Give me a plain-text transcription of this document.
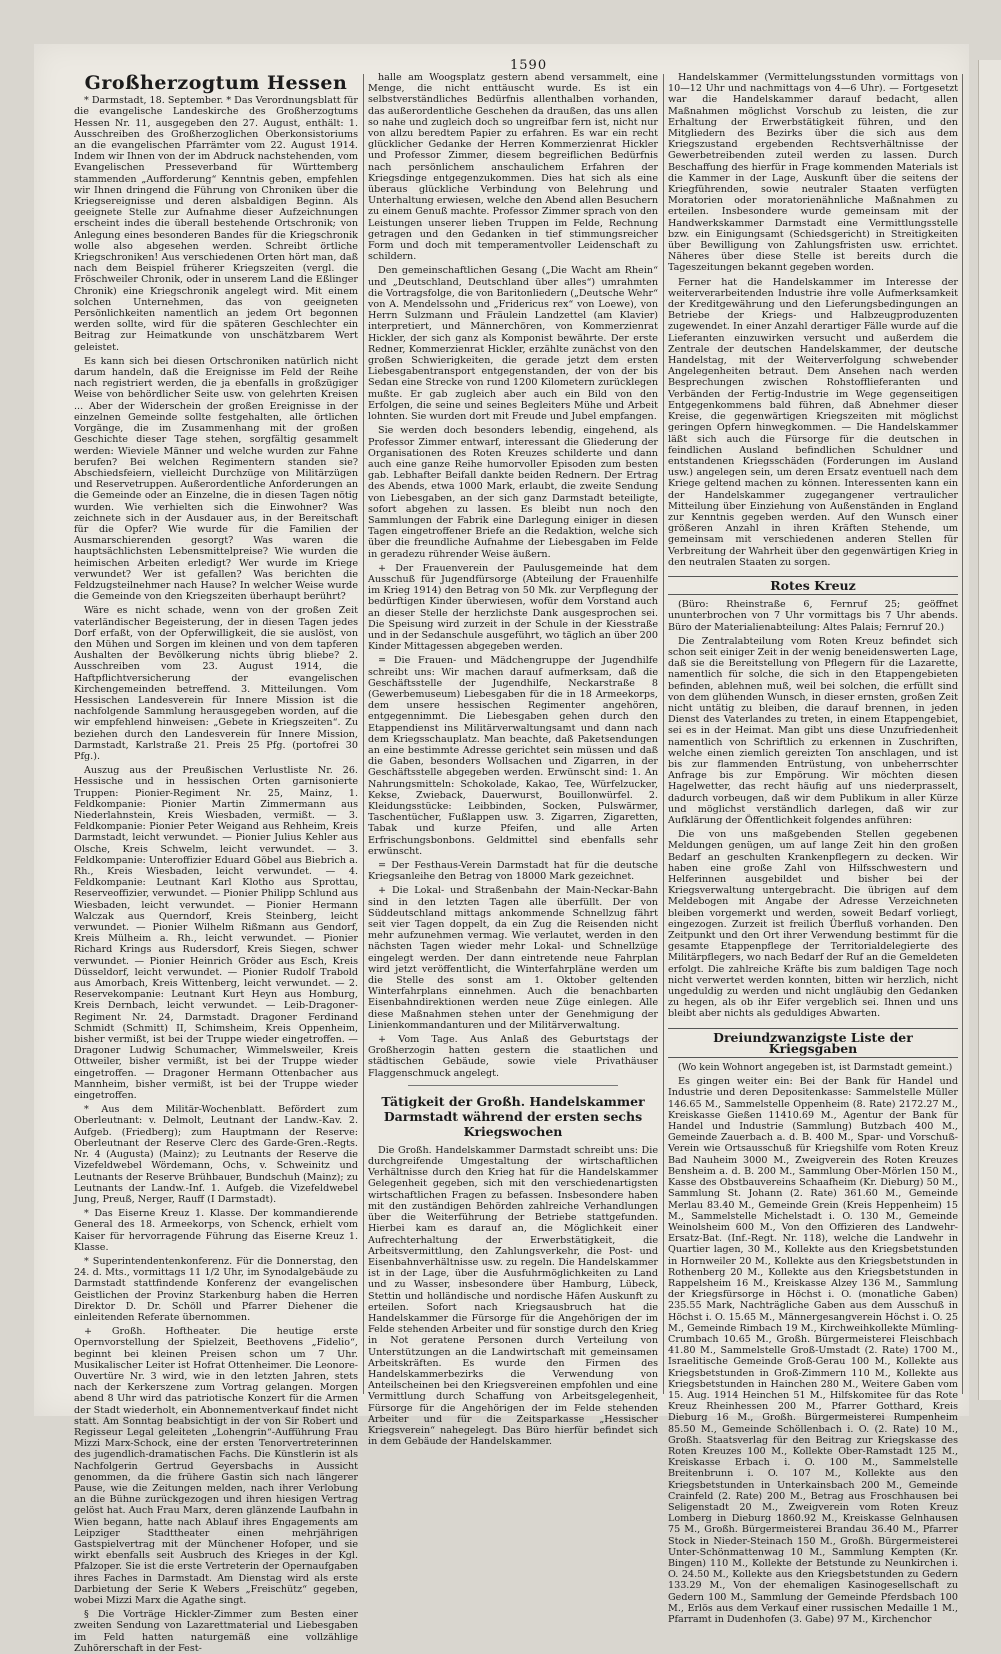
1590
Großherzogtum Hessen

* Darmstadt, 18. September. * Das Verordnungsblatt für die evangelische Landeskirche des Großherzogtums Hessen Nr. 11, ausgegeben den 27. August, enthält: 1. Ausschreiben des Großherzoglichen Oberkonsistoriums an die evangelischen Pfarrämter vom 22. August 1914. Indem wir Ihnen von der im Abdruck nachstehenden, vom Evangelischen Presseverband für Württemberg stammenden „Aufforderung“ Kenntnis geben, empfehlen wir Ihnen dringend die Führung von Chroniken über die Kriegsereignisse und deren alsbaldigen Beginn. Als geeignete Stelle zur Aufnahme dieser Aufzeichnungen erscheint indes die überall bestehende Ortschronik; von Anlegung eines besonderen Bandes für die Kriegschronik wolle also abgesehen werden. Schreibt örtliche Kriegschroniken! Aus verschiedenen Orten hört man, daß nach dem Beispiel früherer Kriegszeiten (vergl. die Fröschweiler Chronik, oder in unserem Land die Eßlinger Chronik) eine Kriegschronik angelegt wird. Mit einem solchen Unternehmen, das von geeigneten Persönlichkeiten namentlich an jedem Ort begonnen werden sollte, wird für die späteren Geschlechter ein Beitrag zur Heimatkunde von unschätzbarem Wert geleistet.

Es kann sich bei diesen Ortschroniken natürlich nicht darum handeln, daß die Ereignisse im Feld der Reihe nach registriert werden, die ja ebenfalls in großzügiger Weise von behördlicher Seite usw. von gelehrten Kreisen ... Aber der Widerschein der großen Ereignisse in der einzelnen Gemeinde sollte festgehalten, alle örtlichen Vorgänge, die im Zusammenhang mit der großen Geschichte dieser Tage stehen, sorgfältig gesammelt werden: Wieviele Männer und welche wurden zur Fahne berufen? Bei welchen Regimentern standen sie? Abschiedsfeiern, vielleicht Durchzüge von Militärzügen und Reservetruppen. Außerordentliche Anforderungen an die Gemeinde oder an Einzelne, die in diesen Tagen nötig wurden. Wie verhielten sich die Einwohner? Was zeichnete sich in der Ausdauer aus, in der Bereitschaft für die Opfer? Wie wurde für die Familien der Ausmarschierenden gesorgt? Was waren die hauptsächlichsten Lebensmittelpreise? Wie wurden die heimischen Arbeiten erledigt? Wer wurde im Kriege verwundet? Wer ist gefallen? Was berichten die Feldzugsteilnehmer nach Hause? In welcher Weise wurde die Gemeinde von den Kriegszeiten überhaupt berührt?

Wäre es nicht schade, wenn von der großen Zeit vaterländischer Begeisterung, der in diesen Tagen jedes Dorf erfaßt, von der Opferwilligkeit, die sie auslöst, von den Mühen und Sorgen im kleinen und von dem tapferen Aushalten der Bevölkerung nichts übrig bliebe? 2. Ausschreiben vom 23. August 1914, die Haftpflichtversicherung der evangelischen Kirchengemeinden betreffend. 3. Mitteilungen. Vom Hessischen Landesverein für Innere Mission ist die nachfolgende Sammlung herausgegeben worden, auf die wir empfehlend hinweisen: „Gebete in Kriegszeiten“. Zu beziehen durch den Landesverein für Innere Mission, Darmstadt, Karlstraße 21. Preis 25 Pfg. (portofrei 30 Pfg.).

Auszug aus der Preußischen Verlustliste Nr. 26. Hessische und in hessischen Orten garnisonierte Truppen: Pionier-Regiment Nr. 25, Mainz, 1. Feldkompanie: Pionier Martin Zimmermann aus Niederlahnstein, Kreis Wiesbaden, vermißt. — 3. Feldkompanie: Pionier Peter Weigand aus Rehheim, Kreis Darmstadt, leicht verwundet. — Pionier Julius Kehler aus Olsche, Kreis Schwelm, leicht verwundet. — 3. Feldkompanie: Unteroffizier Eduard Göbel aus Biebrich a. Rh., Kreis Wiesbaden, leicht verwundet. — 4. Feldkompanie: Leutnant Karl Klotho aus Sprottau, Reserveoffizier, verwundet. — Pionier Philipp Schlund aus Wiesbaden, leicht verwundet. — Pionier Hermann Walczak aus Querndorf, Kreis Steinberg, leicht verwundet. — Pionier Wilhelm Rißmann aus Gendorf, Kreis Mülheim a. Rh., leicht verwundet. — Pionier Richard Krings aus Rudersdorf, Kreis Siegen, schwer verwundet. — Pionier Heinrich Gröder aus Esch, Kreis Düsseldorf, leicht verwundet. — Pionier Rudolf Trabold aus Amorbach, Kreis Wittenberg, leicht verwundet. — 2. Reservekompanie: Leutnant Kurt Heyn aus Homburg, Kreis Dernbach, leicht verwundet. — Leib-Dragoner-Regiment Nr. 24, Darmstadt. Dragoner Ferdinand Schmidt (Schmitt) II, Schimsheim, Kreis Oppenheim, bisher vermißt, ist bei der Truppe wieder eingetroffen. — Dragoner Ludwig Schumacher, Wimmelsweiler, Kreis Ottweiler, bisher vermißt, ist bei der Truppe wieder eingetroffen. — Dragoner Hermann Ottenbacher aus Mannheim, bisher vermißt, ist bei der Truppe wieder eingetroffen.

* Aus dem Militär-Wochenblatt. Befördert zum Oberleutnant: v. Delmolt, Leutnant der Landw.-Kav. 2. Aufgeb. (Friedberg); zum Hauptmann der Reserve: Oberleutnant der Reserve Clerc des Garde-Gren.-Regts. Nr. 4 (Augusta) (Mainz); zu Leutnants der Reserve die Vizefeldwebel Wördemann, Ochs, v. Schweinitz und Leutnants der Reserve Brühbauer, Bundschuh (Mainz); zu Leutnants der Landw.-Inf. 1. Aufgeb. die Vizefeldwebel Jung, Preuß, Nerger, Rauff (I Darmstadt).

* Das Eiserne Kreuz 1. Klasse. Der kommandierende General des 18. Armeekorps, von Schenck, erhielt vom Kaiser für hervorragende Führung das Eiserne Kreuz 1. Klasse.

* Superintendentenkonferenz. Für die Donnerstag, den 24. d. Mts., vormittags 11 1/2 Uhr, im Synodalgebäude zu Darmstadt stattfindende Konferenz der evangelischen Geistlichen der Provinz Starkenburg haben die Herren Direktor D. Dr. Schöll und Pfarrer Diehener die einleitenden Referate übernommen.

+ Großh. Hoftheater. Die heutige erste Opernvorstellung der Spielzeit, Beethovens „Fidelio“, beginnt bei kleinen Preisen schon um 7 Uhr. Musikalischer Leiter ist Hofrat Ottenheimer. Die Leonore-Ouvertüre Nr. 3 wird, wie in den letzten Jahren, stets nach der Kerkerszene zum Vortrag gelangen. Morgen abend 8 Uhr wird das patriotische Konzert für die Armen der Stadt wiederholt, ein Abonnementverkauf findet nicht statt. Am Sonntag beabsichtigt in der von Sir Robert und Regisseur Legal geleiteten „Lohengrin“-Aufführung Frau Mizzi Marx-Schock, eine der ersten Tenorvertreterinnen des jugendlich-dramatischen Fachs. Die Künstlerin ist als Nachfolgerin Gertrud Geyersbachs in Aussicht genommen, da die frühere Gastin sich nach längerer Pause, wie die Zeitungen melden, nach ihrer Verlobung an die Bühne zurückgezogen und ihren hiesigen Vertrag gelöst hat. Auch Frau Marx, deren glänzende Laufbahn in Wien begann, hatte nach Ablauf ihres Engagements am Leipziger Stadttheater einen mehrjährigen Gastspielvertrag mit der Münchener Hofoper, und sie wirkt ebenfalls seit Ausbruch des Krieges in der Kgl. Pfalzoper. Sie ist die erste Vertreterin der Opernaufgaben ihres Faches in Darmstadt. Am Dienstag wird als erste Darbietung der Serie K Webers „Freischütz“ gegeben, wobei Mizzi Marx die Agathe singt.

§ Die Vorträge Hickler-Zimmer zum Besten einer zweiten Sendung von Lazarettmaterial und Liebesgaben im Feld hatten naturgemäß eine vollzählige Zuhörerschaft in der Fest-

halle am Woogsplatz gestern abend versammelt, eine Menge, die nicht enttäuscht wurde. Es ist ein selbstverständliches Bedürfnis allenthalben vorhanden, das außerordentliche Geschehen da draußen, das uns allen so nahe und zugleich doch so ungreifbar fern ist, nicht nur von allzu beredtem Papier zu erfahren. Es war ein recht glücklicher Gedanke der Herren Kommerzienrat Hickler und Professor Zimmer, diesem begreiflichen Bedürfnis nach persönlichem anschaulichem Erfahren der Kriegsdinge entgegenzukommen. Dies hat sich als eine überaus glückliche Verbindung von Belehrung und Unterhaltung erwiesen, welche den Abend allen Besuchern zu einem Genuß machte. Professor Zimmer sprach von den Leistungen unserer lieben Truppen im Felde, Rechnung getragen und den Gedanken in tief stimmungsreicher Form und doch mit temperamentvoller Leidenschaft zu schildern.

Den gemeinschaftlichen Gesang („Die Wacht am Rhein“ und „Deutschland, Deutschland über alles“) umrahmten die Vortragsfolge, die von Baritonliedern („Deutsche Wehr“ von A. Mendelssohn und „Fridericus rex“ von Loewe), von Herrn Sulzmann und Fräulein Landzettel (am Klavier) interpretiert, und Männerchören, von Kommerzienrat Hickler, der sich ganz als Komponist bewährte. Der erste Redner, Kommerzienrat Hickler, erzählte zunächst von den großen Schwierigkeiten, die gerade jetzt dem ersten Liebesgabentransport entgegenstanden, der von der bis Sedan eine Strecke von rund 1200 Kilometern zurücklegen mußte. Er gab zugleich aber auch ein Bild von den Erfolgen, die seine und seines Begleiters Mühe und Arbeit lohnten. Sie wurden dort mit Freude und Jubel empfangen.

Sie werden doch besonders lebendig, eingehend, als Professor Zimmer entwarf, interessant die Gliederung der Organisationen des Roten Kreuzes schilderte und dann auch eine ganze Reihe humorvoller Episoden zum besten gab. Lebhafter Beifall dankte beiden Rednern. Der Ertrag des Abends, etwa 1000 Mark, erlaubt, die zweite Sendung von Liebesgaben, an der sich ganz Darmstadt beteiligte, sofort abgehen zu lassen. Es bleibt nun noch den Sammlungen der Fabrik eine Darlegung einiger in diesen Tagen eingetroffener Briefe an die Redaktion, welche sich über die freundliche Aufnahme der Liebesgaben im Felde in geradezu rührender Weise äußern.

+ Der Frauenverein der Paulusgemeinde hat dem Ausschuß für Jugendfürsorge (Abteilung der Frauenhilfe im Krieg 1914) den Betrag von 50 Mk. zur Verpflegung der bedürftigen Kinder überwiesen, wofür dem Vorstand auch an dieser Stelle der herzlichste Dank ausgesprochen sei. Die Speisung wird zurzeit in der Schule in der Kiesstraße und in der Sedanschule ausgeführt, wo täglich an über 200 Kinder Mittagessen abgegeben werden.

= Die Frauen- und Mädchengruppe der Jugendhilfe schreibt uns: Wir machen darauf aufmerksam, daß die Geschäftsstelle der Jugendhilfe, Neckarstraße 8 (Gewerbemuseum) Liebesgaben für die in 18 Armeekorps, dem unsere hessischen Regimenter angehören, entgegennimmt. Die Liebesgaben gehen durch den Etappendienst ins Militärverwaltungsamt und dann nach dem Kriegsschauplatz. Man beachte, daß Paketsendungen an eine bestimmte Adresse gerichtet sein müssen und daß die Gaben, besonders Wollsachen und Zigarren, in der Geschäftsstelle abgegeben werden. Erwünscht sind: 1. An Nahrungsmitteln: Schokolade, Kakao, Tee, Würfelzucker, Kekse, Zwieback, Dauerwurst, Bouillonwürfel. 2. Kleidungsstücke: Leibbinden, Socken, Pulswärmer, Taschentücher, Fußlappen usw. 3. Zigarren, Zigaretten, Tabak und kurze Pfeifen, und alle Arten Erfrischungsbonbons. Geldmittel sind ebenfalls sehr erwünscht.

= Der Festhaus-Verein Darmstadt hat für die deutsche Kriegsanleihe den Betrag von 18000 Mark gezeichnet.

+ Die Lokal- und Straßenbahn der Main-Neckar-Bahn sind in den letzten Tagen alle überfüllt. Der von Süddeutschland mittags ankommende Schnellzug fährt seit vier Tagen doppelt, da ein Zug die Reisenden nicht mehr aufzunehmen vermag. Wie verlautet, werden in den nächsten Tagen wieder mehr Lokal- und Schnellzüge eingelegt werden. Der dann eintretende neue Fahrplan wird jetzt veröffentlicht, die Winterfahrpläne werden um die Stelle des sonst am 1. Oktober geltenden Winterfahrplans einnehmen. Auch die benachbarten Eisenbahndirektionen werden neue Züge einlegen. Alle diese Maßnahmen stehen unter der Genehmigung der Linienkommandanturen und der Militärverwaltung.

+ Vom Tage. Aus Anlaß des Geburtstags der Großherzogin hatten gestern die staatlichen und städtischen Gebäude, sowie viele Privathäuser Flaggenschmuck angelegt.

Tätigkeit der Großh. Handelskammer Darmstadt während der ersten sechs Kriegswochen

Die Großh. Handelskammer Darmstadt schreibt uns: Die durchgreifende Umgestaltung der wirtschaftlichen Verhältnisse durch den Krieg hat für die Handelskammer Gelegenheit gegeben, sich mit den verschiedenartigsten wirtschaftlichen Fragen zu befassen. Insbesondere haben mit den zuständigen Behörden zahlreiche Verhandlungen über die Weiterführung der Betriebe stattgefunden. Hierbei kam es darauf an, die Möglichkeit einer Aufrechterhaltung der Erwerbstätigkeit, die Arbeitsvermittlung, den Zahlungsverkehr, die Post- und Eisenbahnverhältnisse usw. zu regeln. Die Handelskammer ist in der Lage, über die Ausfuhrmöglichkeiten zu Land und zu Wasser, insbesondere über Hamburg, Lübeck, Stettin und holländische und nordische Häfen Auskunft zu erteilen. Sofort nach Kriegsausbruch hat die Handelskammer die Fürsorge für die Angehörigen der im Felde stehenden Arbeiter und für sonstige durch den Krieg in Not geratene Personen durch Verteilung von Unterstützungen an die Landwirtschaft mit gemeinsamen Arbeitskräften. Es wurde den Firmen des Handelskammerbezirks die Verwendung von Anteilscheinen bei den Kriegsvereinen empfohlen und eine Vermittlung durch Schaffung von Arbeitsgelegenheit, Fürsorge für die Angehörigen der im Felde stehenden Arbeiter und für die Zeitsparkasse „Hessischer Kriegsverein“ nahegelegt. Das Büro hierfür befindet sich in dem Gebäude der Handelskammer.

Handelskammer (Vermittelungsstunden vormittags von 10—12 Uhr und nachmittags von 4—6 Uhr). — Fortgesetzt war die Handelskammer darauf bedacht, allen Maßnahmen möglichst Vorschub zu leisten, die zur Erhaltung der Erwerbstätigkeit führen, und den Mitgliedern des Bezirks über die sich aus dem Kriegszustand ergebenden Rechtsverhältnisse der Gewerbetreibenden zuteil werden zu lassen. Durch Beschaffung des hierfür in Frage kommenden Materials ist die Kammer in der Lage, Auskunft über die seitens der Kriegführenden, sowie neutraler Staaten verfügten Moratorien oder moratorienähnliche Maßnahmen zu erteilen. Insbesondere wurde gemeinsam mit der Handwerkskammer Darmstadt eine Vermittlungsstelle bzw. ein Einigungsamt (Schiedsgericht) in Streitigkeiten über Bewilligung von Zahlungsfristen usw. errichtet. Näheres über diese Stelle ist bereits durch die Tageszeitungen bekannt gegeben worden.

Ferner hat die Handelskammer im Interesse der weiterverarbeitenden Industrie ihre volle Aufmerksamkeit der Kreditgewährung und den Lieferungsbedingungen an Betriebe der Kriegs- und Halbzeugproduzenten zugewendet. In einer Anzahl derartiger Fälle wurde auf die Lieferanten einzuwirken versucht und außerdem die Zentrale der deutschen Handelskammer, der deutsche Handelstag, mit der Weiterverfolgung schwebender Angelegenheiten betraut. Dem Ansehen nach werden Besprechungen zwischen Rohstofflieferanten und Verbänden der Fertig-Industrie im Wege gegenseitigen Entgegenkommens bald führen, daß Abnehmer dieser Kreise, die gegenwärtigen Kriegszeiten mit möglichst geringen Opfern hinwegkommen. — Die Handelskammer läßt sich auch die Fürsorge für die deutschen in feindlichen Ausland befindlichen Schuldner und entstandenen Kriegsschäden (Forderungen im Ausland usw.) angelegen sein, um deren Ersatz eventuell nach dem Kriege geltend machen zu können. Interessenten kann ein der Handelskammer zugegangener vertraulicher Mitteilung über Einziehung von Außenständen in England zur Kenntnis gegeben werden. Auf den Wunsch einer größeren Anzahl in ihren Kräften Stehende, um gemeinsam mit verschiedenen anderen Stellen für Verbreitung der Wahrheit über den gegenwärtigen Krieg in den neutralen Staaten zu sorgen.

Rotes Kreuz

(Büro: Rheinstraße 6, Fernruf 25; geöffnet ununterbrochen von 7 Uhr vormittags bis 7 Uhr abends. Büro der Materialienabteilung: Altes Palais; Fernruf 20.)

Die Zentralabteilung vom Roten Kreuz befindet sich schon seit einiger Zeit in der wenig beneidenswerten Lage, daß sie die Bereitstellung von Pflegern für die Lazarette, namentlich für solche, die sich in den Etappengebieten befinden, ablehnen muß, weil bei solchen, die erfüllt sind von dem glühenden Wunsch, in dieser ernsten, großen Zeit nicht untätig zu bleiben, die darauf brennen, in jeden Dienst des Vaterlandes zu treten, in einem Etappengebiet, sei es in der Heimat. Man gibt uns diese Unzufriedenheit namentlich von Schriftlich zu erkennen in Zuschriften, welche einen ziemlich gereizten Ton anschlagen, und ist bis zur flammenden Entrüstung, von unbeherrschter Anfrage bis zur Empörung. Wir möchten diesen Hagelwetter, das recht häufig auf uns niederprasselt, dadurch vorbeugen, daß wir dem Publikum in aller Kürze und möglichst verständlich darlegen, daß wir zur Aufklärung der Öffentlichkeit folgendes anführen:

Die von uns maßgebenden Stellen gegebenen Meldungen genügen, um auf lange Zeit hin den großen Bedarf an geschulten Krankenpflegern zu decken. Wir haben eine große Zahl von Hilfsschwestern und Helferinnen ausgebildet und bisher bei der Kriegsverwaltung untergebracht. Die übrigen auf dem Meldebogen mit Angabe der Adresse Verzeichneten bleiben vorgemerkt und werden, soweit Bedarf vorliegt, eingezogen. Zurzeit ist freilich Überfluß vorhanden. Den Zeitpunkt und den Ort ihrer Verwendung bestimmt für die gesamte Etappenpflege der Territorialdelegierte des Militärpflegers, wo nach Bedarf der Ruf an die Gemeldeten erfolgt. Die zahlreiche Kräfte bis zum baldigen Tage noch nicht verwertet werden konnten, bitten wir herzlich, nicht ungeduldig zu werden und nicht ungläubig den Gedanken zu hegen, als ob ihr Eifer vergeblich sei. Ihnen und uns bleibt aber nichts als geduldiges Abwarten.

Dreiundzwanzigste Liste der Kriegsgaben

(Wo kein Wohnort angegeben ist, ist Darmstadt gemeint.)

Es gingen weiter ein: Bei der Bank für Handel und Industrie und deren Depositenkasse: Sammelstelle Müller 146.65 M., Sammelstelle Oppenheim (8. Rate) 2172.27 M., Kreiskasse Gießen 11410.69 M., Agentur der Bank für Handel und Industrie (Sammlung) Butzbach 400 M., Gemeinde Zauerbach a. d. B. 400 M., Spar- und Vorschuß-Verein wie Ortsausschuß für Kriegshilfe vom Roten Kreuz Bad Nauheim 3000 M., Zweigverein des Roten Kreuzes Bensheim a. d. B. 200 M., Sammlung Ober-Mörlen 150 M., Kasse des Obstbauvereins Schaafheim (Kr. Dieburg) 50 M., Sammlung St. Johann (2. Rate) 361.60 M., Gemeinde Merlau 83.40 M., Gemeinde Grein (Kreis Heppenheim) 15 M., Sammelstelle Michelstadt i. O. 130 M., Gemeinde Weinolsheim 600 M., Von den Offizieren des Landwehr-Ersatz-Bat. (Inf.-Regt. Nr. 118), welche die Landwehr in Quartier lagen, 30 M., Kollekte aus den Kriegsbetstunden in Hornweiler 20 M., Kollekte aus den Kriegsbetstunden in Rothenberg 20 M., Kollekte aus den Kriegsbetstunden in Rappelsheim 16 M., Kreiskasse Alzey 136 M., Sammlung der Kriegsfürsorge in Höchst i. O. (monatliche Gaben) 235.55 Mark, Nachträgliche Gaben aus dem Ausschuß in Höchst i. O. 15.65 M., Männergesangverein Höchst i. O. 25 M., Gemeinde Rimbach 19 M., Kirchweihkollekte Mümling-Crumbach 10.65 M., Großh. Bürgermeisterei Fleischbach 41.80 M., Sammelstelle Groß-Umstadt (2. Rate) 1700 M., Israelitische Gemeinde Groß-Gerau 100 M., Kollekte aus Kriegsbetstunden in Groß-Zimmern 110 M., Kollekte aus Kriegsbetstunden in Hainchen 280 M., Weitere Gaben vom 15. Aug. 1914 Heinchen 51 M., Hilfskomitee für das Rote Kreuz Rheinhessen 200 M., Pfarrer Gotthard, Kreis Dieburg 16 M., Großh. Bürgermeisterei Rumpenheim 85.50 M., Gemeinde Schöllenbach i. O. (2. Rate) 10 M., Großh. Staatsverlag für den Beitrag zur Kriegskasse des Roten Kreuzes 100 M., Kollekte Ober-Ramstadt 125 M., Kreiskasse Erbach i. O. 100 M., Sammelstelle Breitenbrunn i. O. 107 M., Kollekte aus den Kriegsbetstunden in Unterkainsbach 200 M., Gemeinde Crainfeld (2. Rate) 200 M., Betrag aus Froschhausen bei Seligenstadt 20 M., Zweigverein vom Roten Kreuz Lomberg in Dieburg 1860.92 M., Kreiskasse Gelnhausen 75 M., Großh. Bürgermeisterei Brandau 36.40 M., Pfarrer Stock in Nieder-Steinach 150 M., Großh. Bürgermeisterei Unter-Schönmattenwag 10 M., Sammlung Kempten (Kr. Bingen) 110 M., Kollekte der Betstunde zu Neunkirchen i. O. 24.50 M., Kollekte aus den Kriegsbetstunden zu Gedern 133.29 M., Von der ehemaligen Kasinogesellschaft zu Gedern 100 M., Sammlung der Gemeinde Pferdsbach 100 M., Erlös aus dem Verkauf einer russischen Medaille 1 M., Pfarramt in Dudenhofen (3. Gabe) 97 M., Kirchenchor
